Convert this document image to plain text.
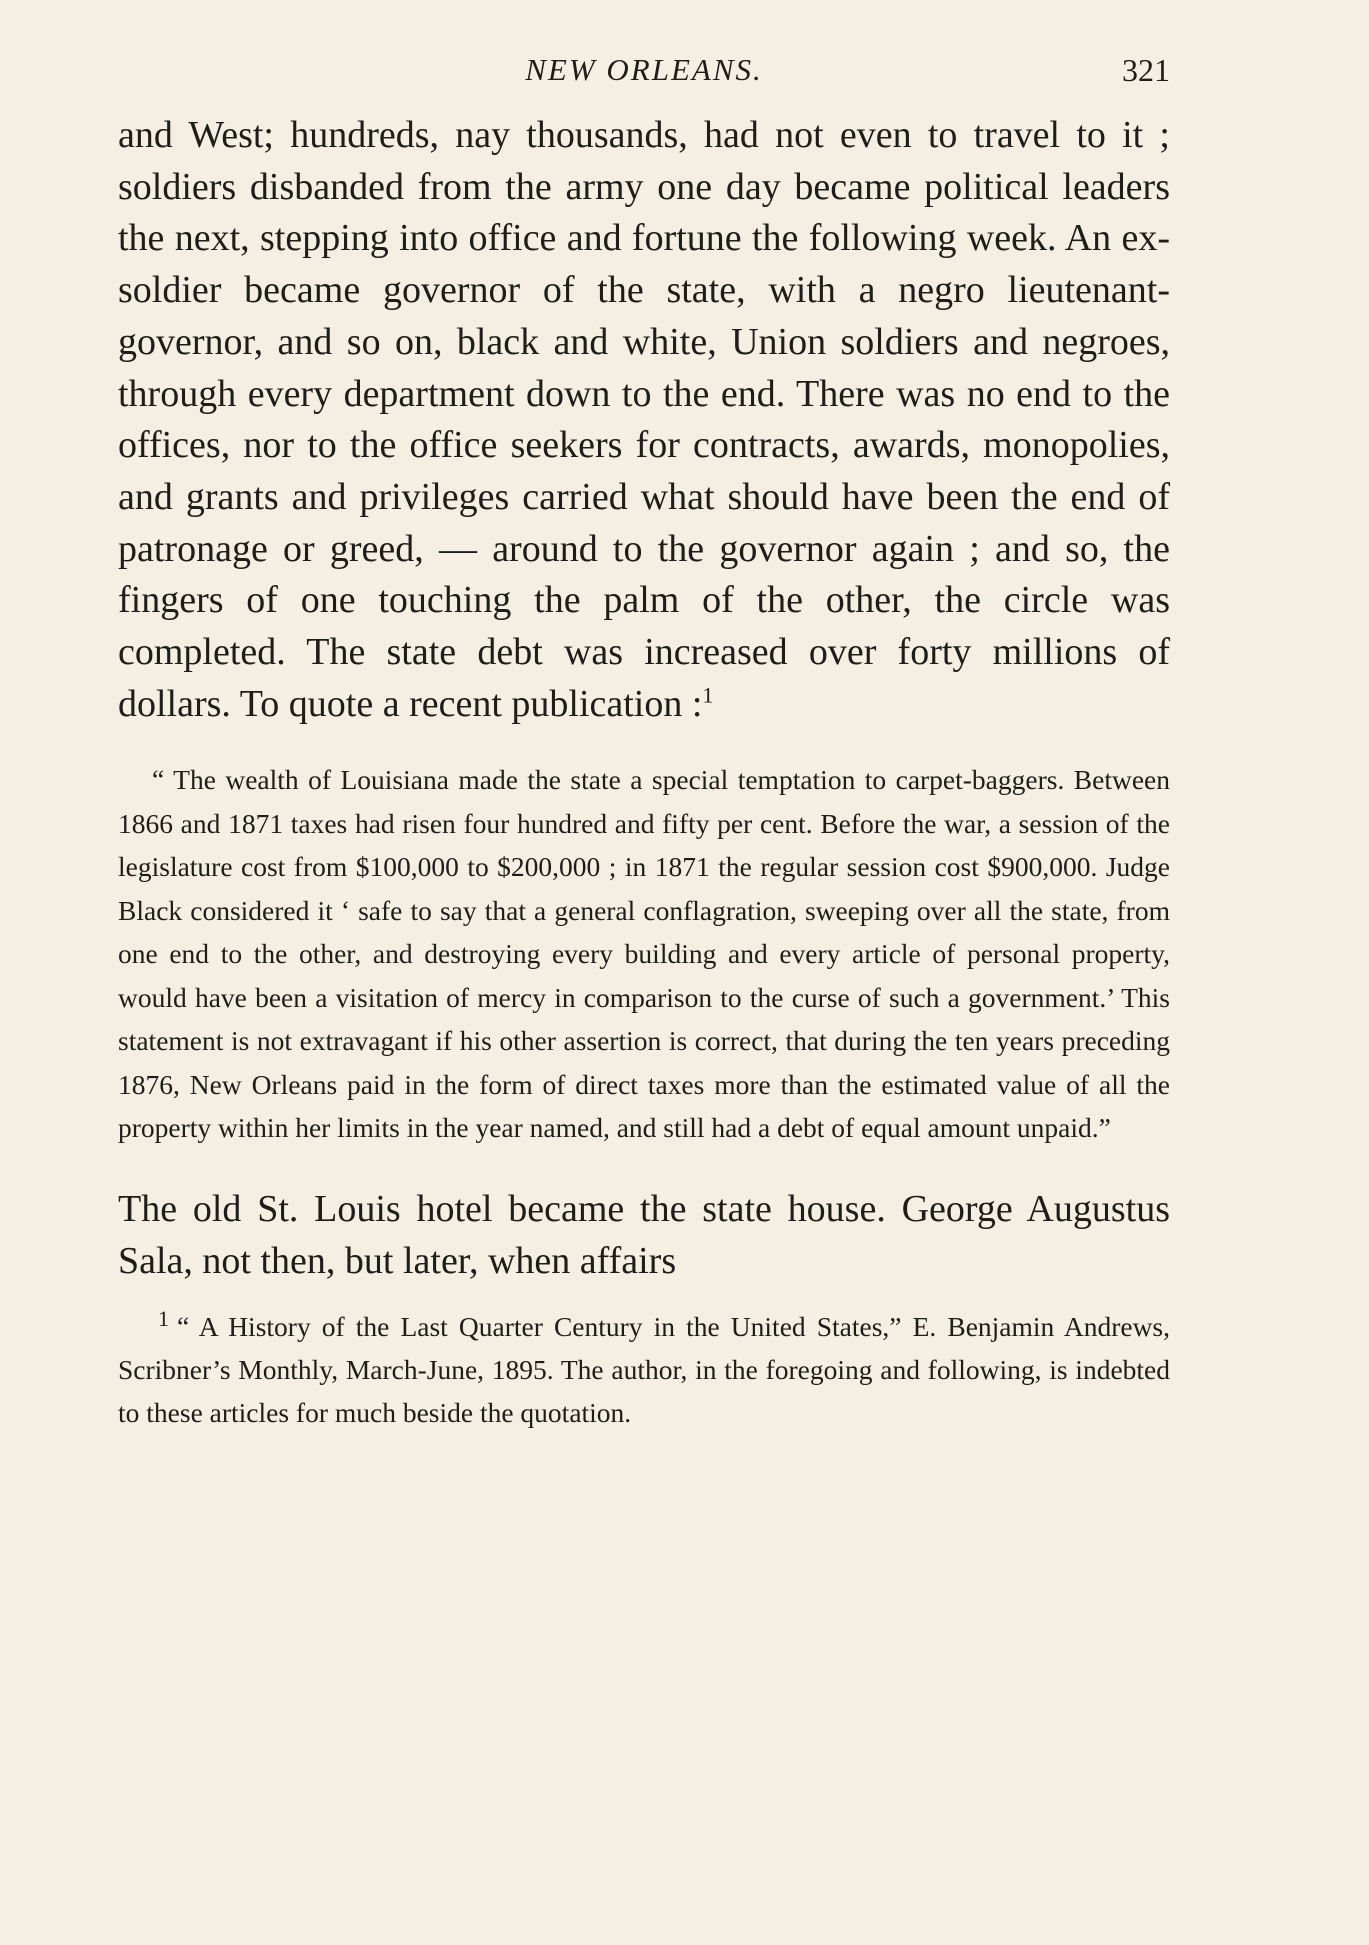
NEW ORLEANS.	321

and West; hundreds, nay thousands, had not even to travel to it ; soldiers disbanded from the army one day became political leaders the next, stepping into office and fortune the following week. An ex-soldier became governor of the state, with a negro lieutenant-governor, and so on, black and white, Union soldiers and negroes, through every department down to the end. There was no end to the offices, nor to the office seekers for contracts, awards, monopolies, and grants and privileges carried what should have been the end of patronage or greed, — around to the governor again ; and so, the fingers of one touching the palm of the other, the circle was completed. The state debt was increased over forty millions of dollars. To quote a recent publication :$^1$

“ The wealth of Louisiana made the state a special temptation to carpet-baggers. Between 1866 and 1871 taxes had risen four hundred and fifty per cent. Before the war, a session of the legislature cost from $100,000 to $200,000 ; in 1871 the regular session cost $900,000. Judge Black considered it ‘ safe to say that a general conflagration, sweeping over all the state, from one end to the other, and destroying every building and every article of personal property, would have been a visitation of mercy in comparison to the curse of such a government.’ This statement is not extravagant if his other assertion is correct, that during the ten years preceding 1876, New Orleans paid in the form of direct taxes more than the estimated value of all the property within her limits in the year named, and still had a debt of equal amount unpaid.”

The old St. Louis hotel became the state house. George Augustus Sala, not then, but later, when affairs

$^1$ “ A History of the Last Quarter Century in the United States,” E. Benjamin Andrews, Scribner’s Monthly, March-June, 1895. The author, in the foregoing and following, is indebted to these articles for much beside the quotation.
